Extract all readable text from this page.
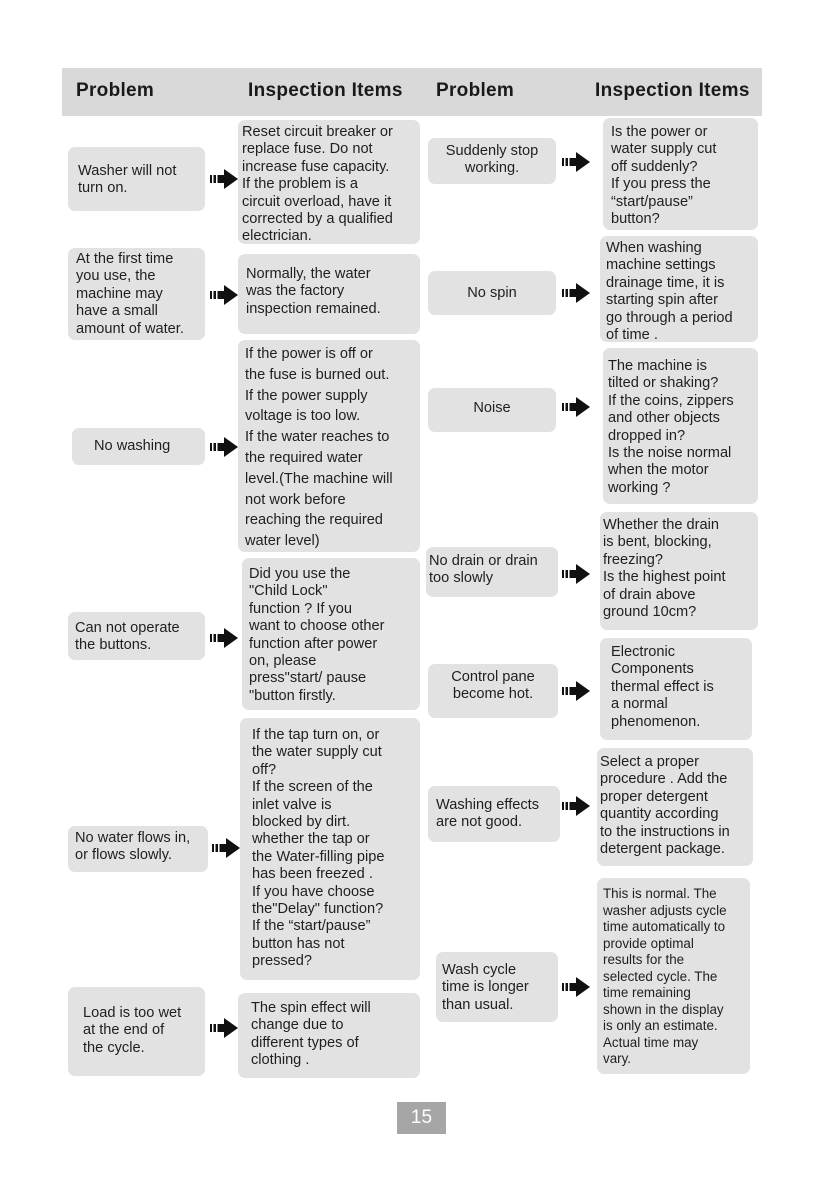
Problem	Inspection Items Problem	Inspection Items
Washer will not
turn on.
Reset circuit breaker or
replace fuse. Do not
increase fuse capacity.
If the problem is a
circuit overload, have it
corrected by a qualified
electrician.
At the first time
you use, the
machine may
have a small
amount of water.
Normally, the water
was the factory
inspection remained.
No washing
If the power is off or
the fuse is burned out.
If the power supply
voltage is too low.
If the water reaches to
the required water
level.(The machine will
not work before
reaching the required
water level)
Can not operate
the buttons.
Did you use the
"Child Lock"
function ? If you
want to choose other
function after power
on, please
press"start/ pause
"button firstly.
No water flows in,
or flows slowly.
If the tap turn on, or
the water supply cut
off?
If the screen of the
inlet valve is
blocked by dirt.
whether the tap or
the Water-filling pipe
has been freezed .
If you have choose
the"Delay" function?
If the “start/pause”
button has not
pressed?
Load is too wet
at the end of
the cycle.
The spin effect will
change due to
different types of
clothing .
Suddenly stop
working.
Is the power or
water supply cut
off suddenly?
If you press the
“start/pause”
button?
No spin
When washing
machine settings
drainage time, it is
starting spin after
go through a period
of time .
Noise
The machine is
tilted or shaking?
If the coins, zippers
and other objects
dropped in?
Is the noise normal
when the motor
working ?
No drain or drain
too slowly
Whether the drain
is bent, blocking,
freezing?
Is the highest point
of drain above
ground 10cm?
Control pane
become hot.
Electronic
Components
thermal effect is
a normal
phenomenon.
Washing effects
are not good.
Select a proper
procedure . Add the
proper detergent
quantity according
to the instructions in
detergent package.
Wash cycle
time is longer
than usual.
This is normal. The
washer adjusts cycle
time automatically to
provide optimal
results for the
selected cycle. The
time remaining
shown in the display
is only an estimate.
Actual time may
vary.
15
